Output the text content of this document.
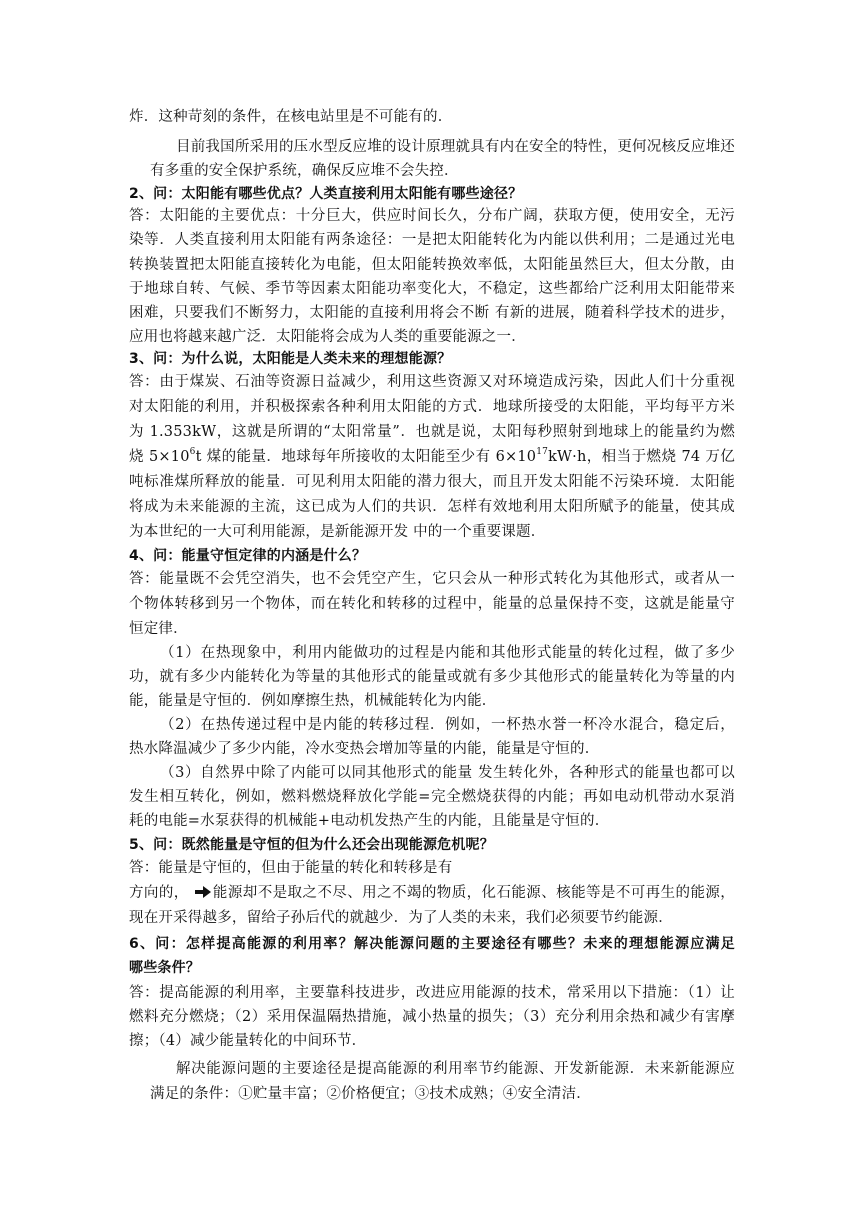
炸．这种苛刻的条件，在核电站里是不可能有的．
目前我国所采用的压水型反应堆的设计原理就具有内在安全的特性，更何况核反应堆还
有多重的安全保护系统，确保反应堆不会失控．
2、问：太阳能有哪些优点？人类直接利用太阳能有哪些途径？
答：太阳能的主要优点：十分巨大，供应时间长久，分布广阔，获取方便，使用安全，无污
染等．人类直接利用太阳能有两条途径：一是把太阳能转化为内能以供利用；二是通过光电
转换装置把太阳能直接转化为电能，但太阳能转换效率低，太阳能虽然巨大，但太分散，由
于地球自转、气候、季节等因素太阳能功率变化大，不稳定，这些都给广泛利用太阳能带来
困难，只要我们不断努力，太阳能的直接利用将会不断 有新的进展，随着科学技术的进步，
应用也将越来越广泛．太阳能将会成为人类的重要能源之一．
3、问：为什么说，太阳能是人类未来的理想能源？
答：由于煤炭、石油等资源日益减少，利用这些资源又对环境造成污染，因此人们十分重视
对太阳能的利用，并积极探索各种利用太阳能的方式．地球所接受的太阳能，平均每平方米
为 1.353kW，这就是所谓的“太阳常量”．也就是说，太阳每秒照射到地球上的能量约为燃
烧 $5\times 10^6t$ 煤的能量．地球每年所接收的太阳能至少有 $6\times 10^{17}kW\cdot h$，相当于燃烧 74 万亿
吨标准煤所释放的能量．可见利用太阳能的潜力很大，而且开发太阳能不污染环境．太阳能
将成为未来能源的主流，这已成为人们的共识．怎样有效地利用太阳所赋予的能量，使其成
为本世纪的一大可利用能源，是新能源开发 中的一个重要课题．
4、问：能量守恒定律的内涵是什么？
答：能量既不会凭空消失，也不会凭空产生，它只会从一种形式转化为其他形式，或者从一
个物体转移到另一个物体，而在转化和转移的过程中，能量的总量保持不变，这就是能量守
恒定律．
（1）在热现象中，利用内能做功的过程是内能和其他形式能量的转化过程，做了多少
功，就有多少内能转化为等量的其他形式的能量或就有多少其他形式的能量转化为等量的内
能，能量是守恒的．例如摩擦生热，机械能转化为内能．
（2）在热传递过程中是内能的转移过程．例如，一杯热水誉一杯冷水混合，稳定后，
热水降温减少了多少内能，冷水变热会增加等量的内能，能量是守恒的．
（3）自然界中除了内能可以同其他形式的能量 发生转化外，各种形式的能量也都可以
发生相互转化，例如，燃料燃烧释放化学能=完全燃烧获得的内能；再如电动机带动水泵消
耗的电能=水泵获得的机械能+电动机发热产生的内能，且能量是守恒的．
5、问：既然能量是守恒的但为什么还会出现能源危机呢？
答：能量是守恒的，但由于能量的转化和转移是有
方向的， 能源却不是取之不尽、用之不竭的物质，化石能源、核能等是不可再生的能源，
现在开采得越多，留给子孙后代的就越少．为了人类的未来，我们必须要节约能源．
6、问：怎样提高能源的利用率？解决能源问题的主要途径有哪些？未来的理想能源应满足
哪些条件？
答：提高能源的利用率，主要靠科技进步，改进应用能源的技术，常采用以下措施：（1）让
燃料充分燃烧；（2）采用保温隔热措施，减小热量的损失；（3）充分利用余热和减少有害摩
擦；（4）减少能量转化的中间环节．
解决能源问题的主要途径是提高能源的利用率节约能源、开发新能源．未来新能源应
满足的条件：①贮量丰富；②价格便宜；③技术成熟；④安全清洁．
